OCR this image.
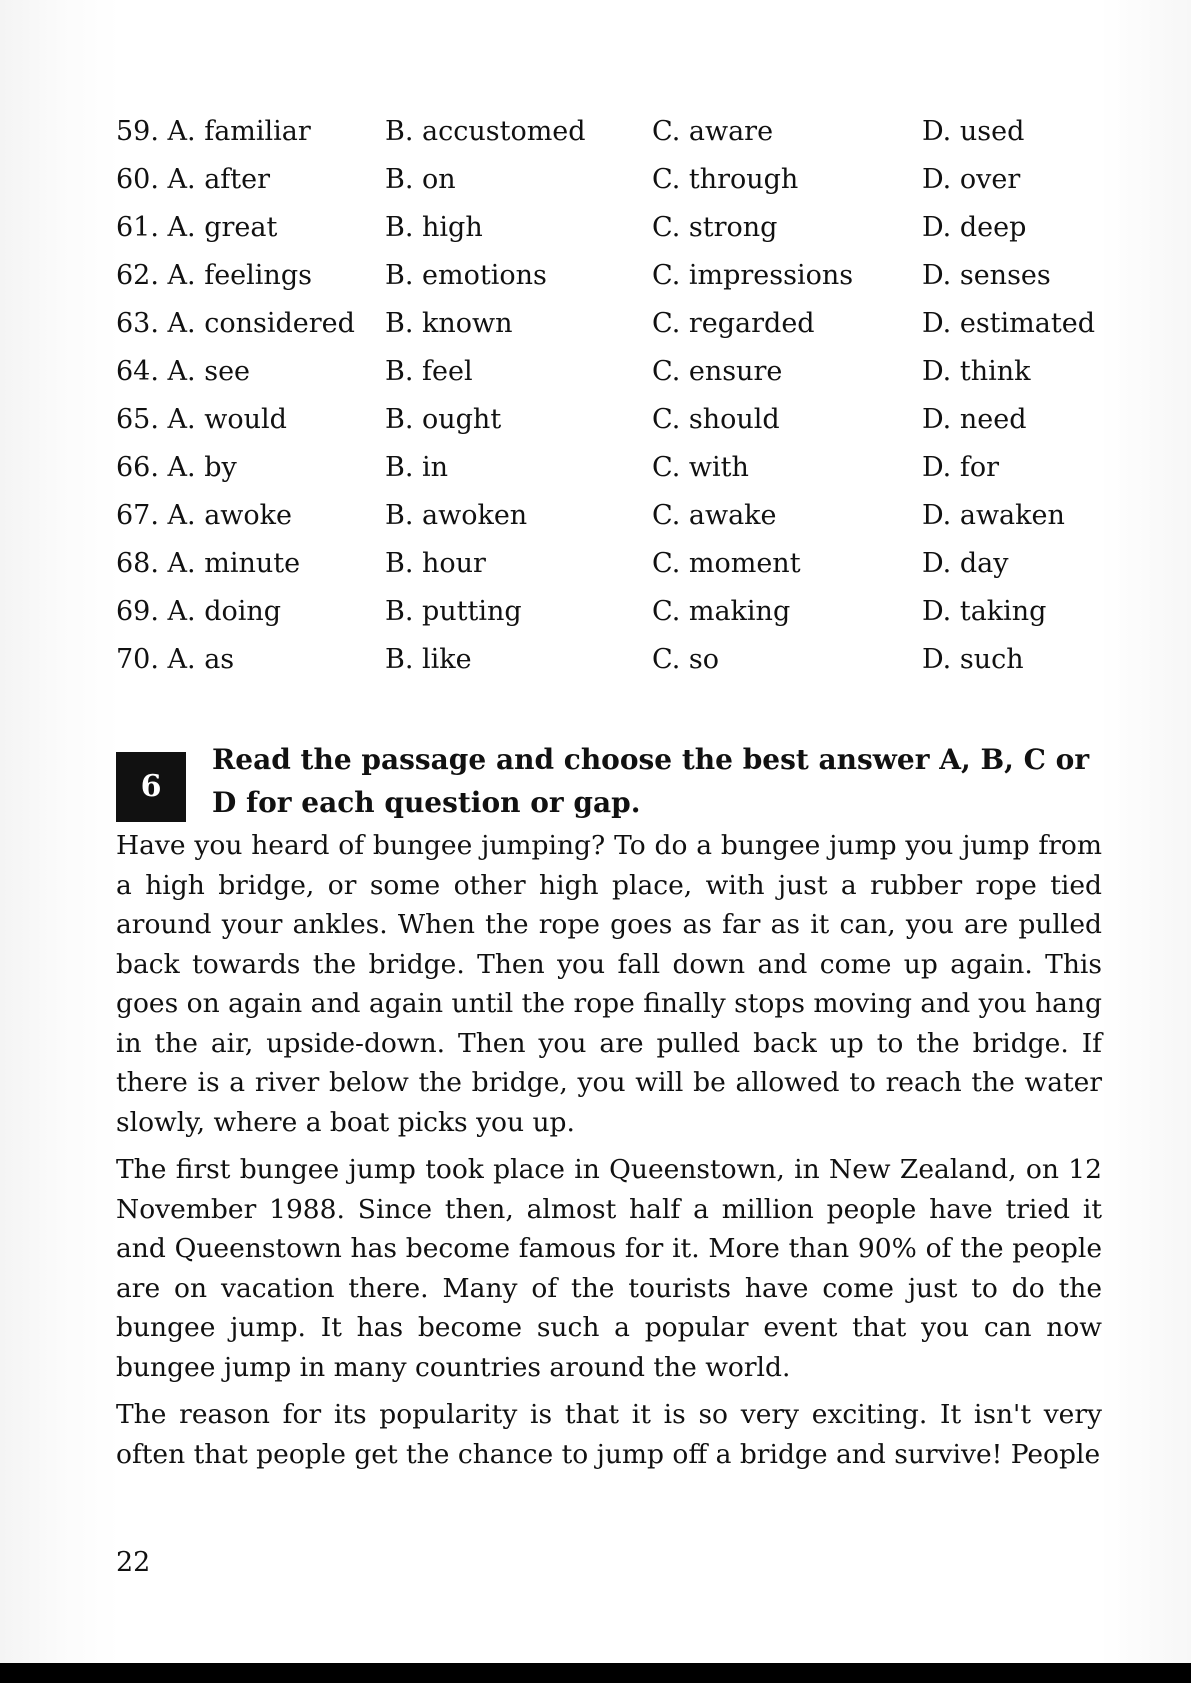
59. A. familiar	B. accustomed C. aware	D. used
60. A. after	B. on	C. through	D. over
61. A. great	B. high	C. strong	D. deep
62. A. feelings	B. emotions	C. impressions	D. senses
63. A. considered B. known	C. regarded	D. estimated
64. A. see	B. feel	C. ensure	D. think
65. A. would	B. ought	C. should	D. need
66. A. by	B. in	C. with	D. for
67. A. awoke	B. awoken	C. awake	D. awaken
68. A. minute	B. hour	C. moment	D. day
69. A. doing	B. putting	C. making	D. taking
70. A. as	B. like	C. so	D. such
6
Read the passage and choose the best answer A, B, C or D for each question or gap.

Have you heard of bungee jumping? To do a bungee jump you jump from a high bridge, or some other high place, with just a rubber rope tied around your ankles. When the rope goes as far as it can, you are pulled back towards the bridge. Then you fall down and come up again. This goes on again and again until the rope finally stops moving and you hang in the air, upside-down. Then you are pulled back up to the bridge. If there is a river below the bridge, you will be allowed to reach the water slowly, where a boat picks you up.

The first bungee jump took place in Queenstown, in New Zealand, on 12 November 1988. Since then, almost half a million people have tried it and Queenstown has become famous for it. More than 90% of the people are on vacation there. Many of the tourists have come just to do the bungee jump. It has become such a popular event that you can now bungee jump in many countries around the world.

The reason for its popularity is that it is so very exciting. It isn't very often that people get the chance to jump off a bridge and survive! People

22
